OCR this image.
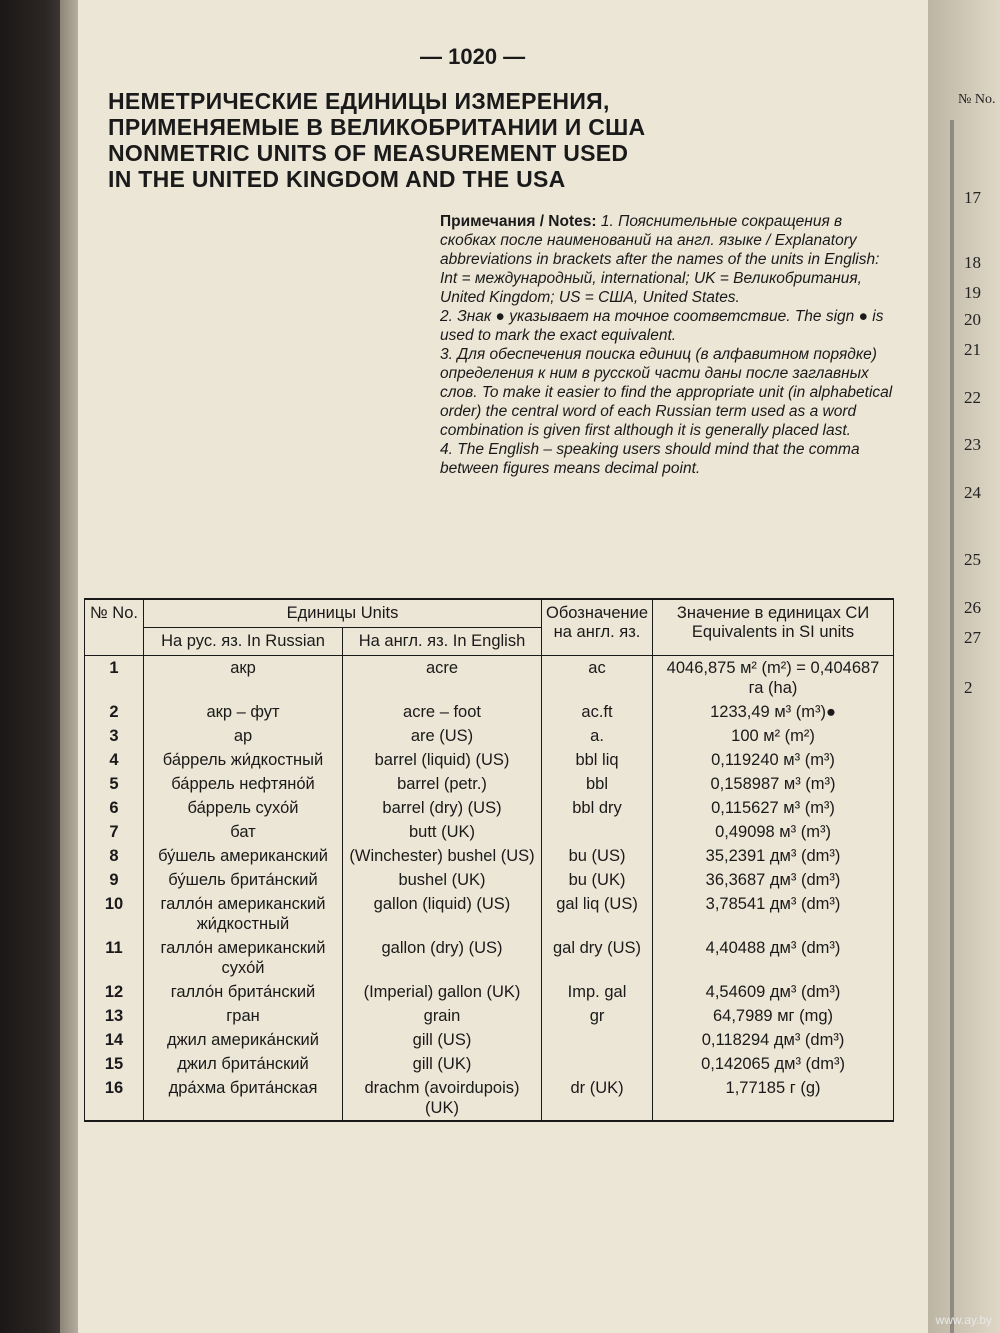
— 1020 —
НЕМЕТРИЧЕСКИЕ ЕДИНИЦЫ ИЗМЕРЕНИЯ,
ПРИМЕНЯЕМЫЕ В ВЕЛИКОБРИТАНИИ И США
NONMETRIC UNITS OF MEASUREMENT USED
IN THE UNITED KINGDOM AND THE USA

Примечания / Notes: 1. Пояснительные сокращения в скобках после наименований на англ. языке / Explanatory abbreviations in brackets after the names of the units in English: Int = международный, international; UK = Великобритания, United Kingdom; US = США, United States.

2. Знак ● указывает на точное соответствие. The sign ● is used to mark the exact equivalent.

3. Для обеспечения поиска единиц (в алфавитном порядке) определения к ним в русской части даны после заглавных слов. To make it easier to find the appropriate unit (in alphabetical order) the central word of each Russian term used as a word combination is given first although it is generally placed last.

4. The English – speaking users should mind that the comma between figures means decimal point.

№ No.	Единицы Units		Обозначение на англ. яз.	Значение в единицах СИ Equivalents in SI units
	На рус. яз. In Russian	На англ. яз. In English		
1	акр	acre	ac	4046,875 м² (m²) = 0,404687 га (ha)
2	акр – фут	acre – foot	ac.ft	1233,49 м³ (m³)●
3	ар	are (US)	a.	100 м² (m²)
4	ба́ррель жи́дкостный	barrel (liquid) (US)	bbl liq	0,119240 м³ (m³)
5	ба́ррель нефтяно́й	barrel (petr.)	bbl	0,158987 м³ (m³)
6	ба́ррель сухо́й	barrel (dry) (US)	bbl dry	0,115627 м³ (m³)
7	бат	butt (UK)		0,49098 м³ (m³)
8	бу́шель американский	(Winchester) bushel (US)	bu (US)	35,2391 дм³ (dm³)
9	бу́шель брита́нский	bushel (UK)	bu (UK)	36,3687 дм³ (dm³)
10	галло́н американский жи́дкостный	gallon (liquid) (US)	gal liq (US)	3,78541 дм³ (dm³)
11	галло́н американский сухо́й	gallon (dry) (US)	gal dry (US)	4,40488 дм³ (dm³)
12	галло́н брита́нский	(Imperial) gallon (UK)	Imp. gal	4,54609 дм³ (dm³)
13	гран	grain	gr	64,7989 мг (mg)
14	джил америка́нский	gill (US)		0,118294 дм³ (dm³)
15	джил брита́нский	gill (UK)		0,142065 дм³ (dm³)
16	дра́хма брита́нская	drachm (avoirdupois) (UK)	dr (UK)	1,77185 г (g)
№ No.
17
18
19
20
21
22
23
24
25
26
27
2
www.ay.by
